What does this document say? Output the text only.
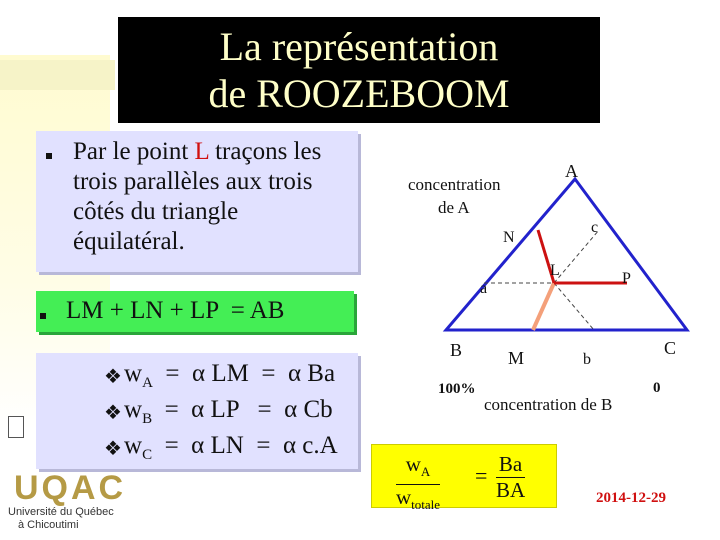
La représentation
de ROOZEBOOM
Par le point L traçons les trois parallèles aux trois côtés du triangle équilatéral.
LM + LN + LP  = AB

❖

$w_A = \alpha$ LM  =  α Ba

❖

$w_B = \alpha$ LP   =  α Cb

❖

$w_C = \alpha$ LN  =  α c.A

UQAC
Université du Québec
à Chicoutimi
concentration
de A
A
c
N
L	P
a
B	M	b
C
100%	0
concentration de B
$w_A$
$w_{totale}$
= $\frac{Ba}{BA}$	2014-12-29
